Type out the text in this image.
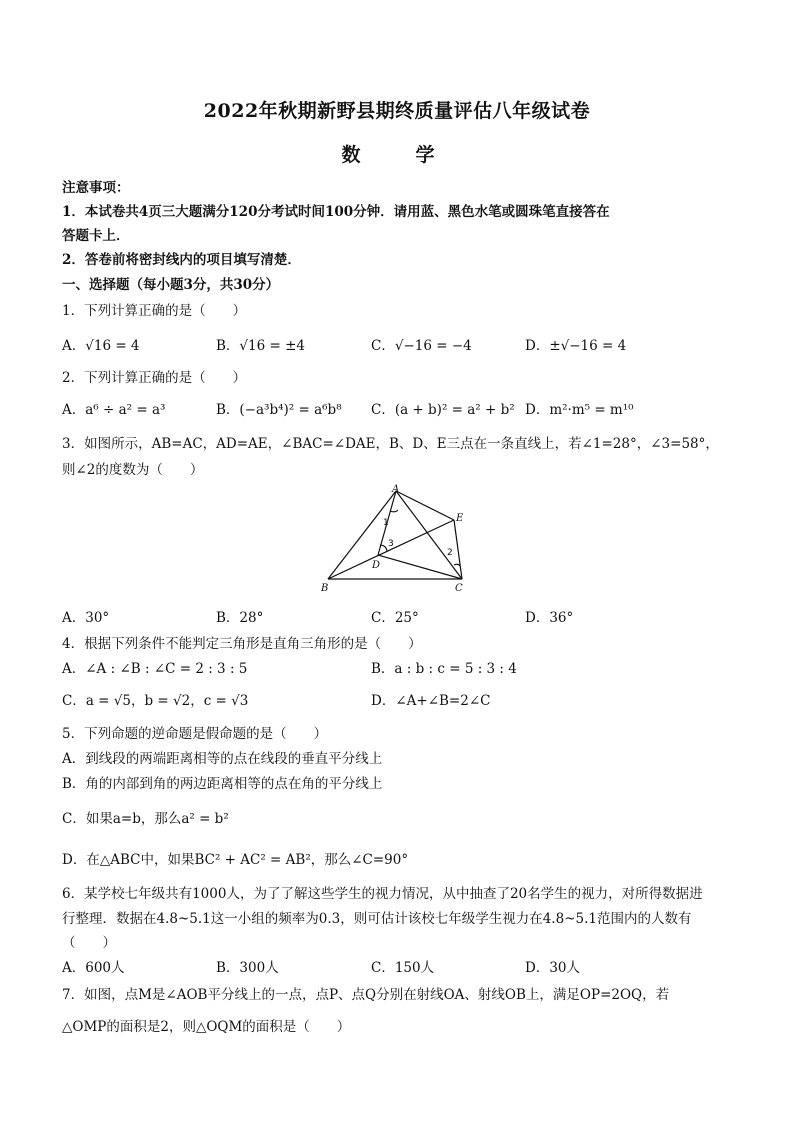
2022年秋期新野县期终质量评估八年级试卷
数　学
注意事项：
1．本试卷共4页三大题满分120分考试时间100分钟．请用蓝、黑色水笔或圆珠笔直接答在
答题卡上．
2．答卷前将密封线内的项目填写清楚．
一、选择题（每小题3分，共30分）
1．下列计算正确的是（　　）
A．√16 = 4	B．√16 = ±4	C．√−16 = −4	D．±√−16 = 4
2．下列计算正确的是（　　）
A．a⁶ ÷ a² = a³	B．(−a³b⁴)² = a⁶b⁸ C．(a + b)² = a² + b² D．m²·m⁵ = m¹⁰
3．如图所示，AB=AC，AD=AE，∠BAC=∠DAE，B、D、E三点在一条直线上，若∠1=28°，∠3=58°，
则∠2的度数为（　　）
A
B	C
D
E
1
2
3
A．30°	B．28°	C．25°	D．36°
4．根据下列条件不能判定三角形是直角三角形的是（　　）
A．∠A : ∠B : ∠C = 2 : 3 : 5	B．a : b : c = 5 : 3 : 4
C．a = √5，b = √2，c = √3	D．∠A+∠B=2∠C
5．下列命题的逆命题是假命题的是（　　）
A．到线段的两端距离相等的点在线段的垂直平分线上
B．角的内部到角的两边距离相等的点在角的平分线上
C．如果a=b，那么a² = b²
D．在△ABC中，如果BC² + AC² = AB²，那么∠C=90°
6．某学校七年级共有1000人，为了了解这些学生的视力情况，从中抽查了20名学生的视力，对所得数据进
行整理．数据在4.8~5.1这一小组的频率为0.3，则可估计该校七年级学生视力在4.8~5.1范围内的人数有
（　　）
A．600人	B．300人	C．150人	D．30人
7．如图，点M是∠AOB平分线上的一点，点P、点Q分别在射线OA、射线OB上，满足OP=2OQ，若
△OMP的面积是2，则△OQM的面积是（　　）
